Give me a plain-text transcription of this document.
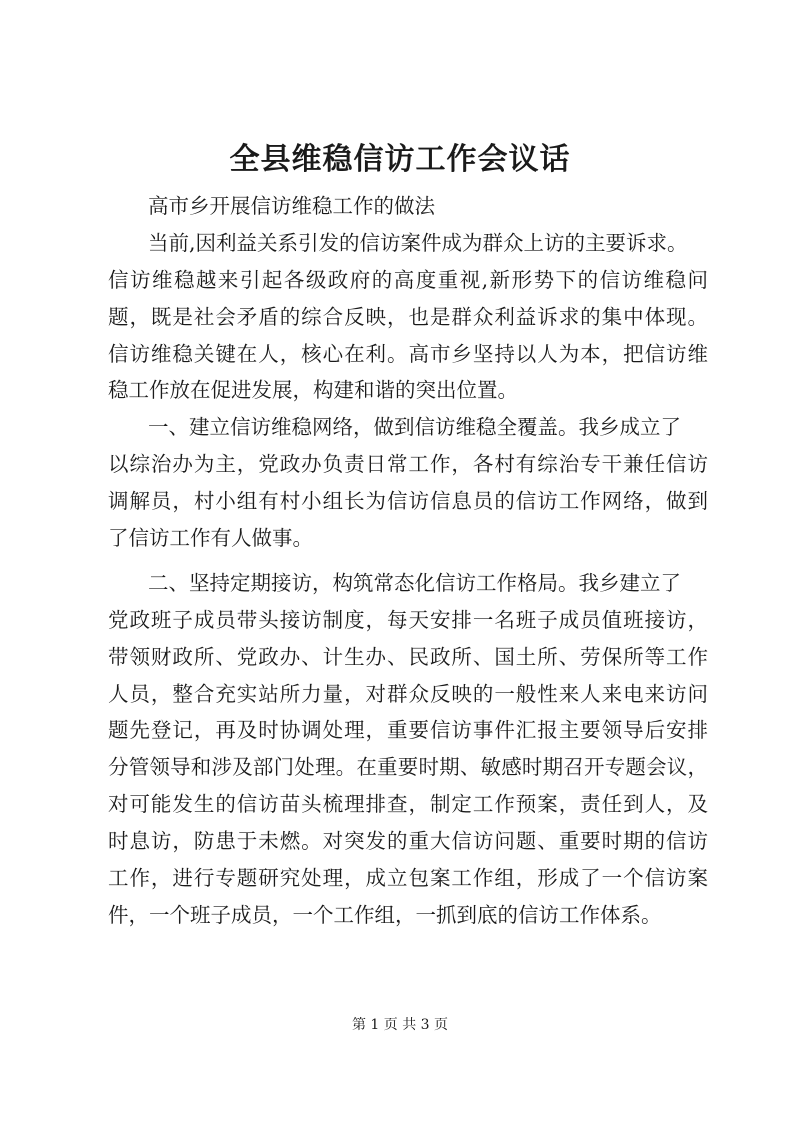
全县维稳信访工作会议话
高市乡开展信访维稳工作的做法
当前,因利益关系引发的信访案件成为群众上访的主要诉求。
信访维稳越来引起各级政府的高度重视,新形势下的信访维稳问
题，既是社会矛盾的综合反映，也是群众利益诉求的集中体现。
信访维稳关键在人，核心在利。高市乡坚持以人为本，把信访维
稳工作放在促进发展，构建和谐的突出位置。
一、建立信访维稳网络，做到信访维稳全覆盖。我乡成立了
以综治办为主，党政办负责日常工作，各村有综治专干兼任信访
调解员，村小组有村小组长为信访信息员的信访工作网络，做到
了信访工作有人做事。
二、坚持定期接访，构筑常态化信访工作格局。我乡建立了
党政班子成员带头接访制度，每天安排一名班子成员值班接访，
带领财政所、党政办、计生办、民政所、国土所、劳保所等工作
人员，整合充实站所力量，对群众反映的一般性来人来电来访问
题先登记，再及时协调处理，重要信访事件汇报主要领导后安排
分管领导和涉及部门处理。在重要时期、敏感时期召开专题会议，
对可能发生的信访苗头梳理排查，制定工作预案，责任到人，及
时息访，防患于未燃。对突发的重大信访问题、重要时期的信访
工作，进行专题研究处理，成立包案工作组，形成了一个信访案
件，一个班子成员，一个工作组，一抓到底的信访工作体系。
第 1 页 共 3 页
